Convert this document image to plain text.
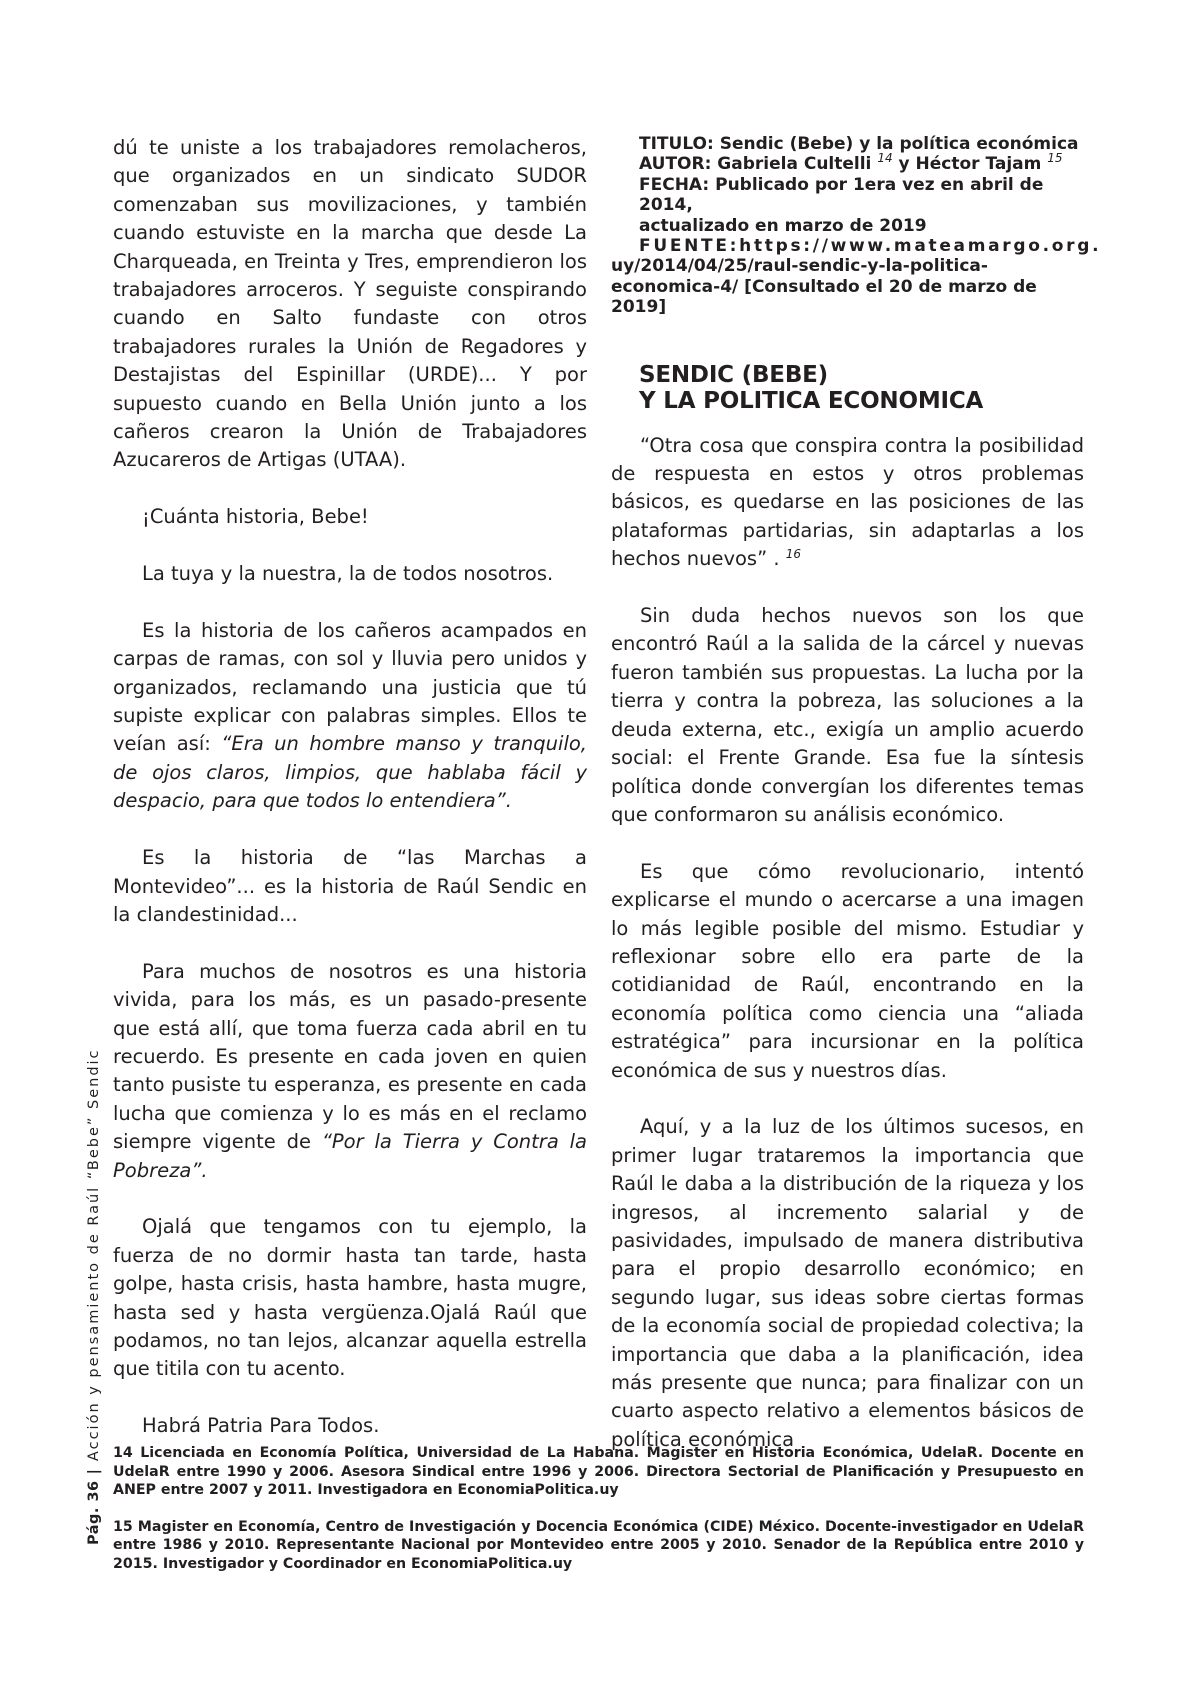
Pág. 36|Acción y pensamiento de Raúl “Bebe” Sendic

dú te uniste a los trabajadores remolacheros, que organizados en un sindicato SUDOR comenzaban sus movilizaciones, y también cuando estuviste en la marcha que desde La Charqueada, en Treinta y Tres, emprendieron los trabajadores arroceros. Y seguiste conspirando cuando en Salto fundaste con otros trabajadores rurales la Unión de Regadores y Destajistas del Espinillar (URDE)... Y por supuesto cuando en Bella Unión junto a los cañeros crearon la Unión de Trabajadores Azucareros de Artigas (UTAA).

¡Cuánta historia, Bebe!

La tuya y la nuestra, la de todos nosotros.

Es la historia de los cañeros acampados en carpas de ramas, con sol y lluvia pero unidos y organizados, reclamando una justicia que tú supiste explicar con palabras simples. Ellos te veían así: “Era un hombre manso y tranquilo, de ojos claros, limpios, que hablaba fácil y despacio, para que todos lo entendiera”.

Es la historia de “las Marchas a Montevideo”... es la historia de Raúl Sendic en la clandestinidad...

Para muchos de nosotros es una historia vivida, para los más, es un pasado-presente que está allí, que toma fuerza cada abril en tu recuerdo. Es presente en cada joven en quien tanto pusiste tu esperanza, es presente en cada lucha que comienza y lo es más en el reclamo siempre vigente de “Por la Tierra y Contra la Pobreza”.

Ojalá que tengamos con tu ejemplo, la fuerza de no dormir hasta tan tarde, hasta golpe, hasta crisis, hasta hambre, hasta mugre, hasta sed y hasta vergüenza.Ojalá Raúl que podamos, no tan lejos, alcanzar aquella estrella que titila con tu acento.

Habrá Patria Para Todos.

TITULO: Sendic (Bebe) y la política económica
AUTOR: Gabriela Cultelli $^{14}$ y Héctor Tajam $^{15}$
FECHA: Publicado por 1era vez en abril de 2014,
actualizado en marzo de 2019
FUENTE:https://www.mateamargo.org.
uy/2014/04/25/raul-sendic-y-la-politica-economica-4/ [Consultado el 20 de marzo de 2019]
SENDIC (BEBE)
Y LA POLITICA ECONOMICA

“Otra cosa que conspira contra la posibilidad de respuesta en estos y otros problemas básicos, es quedarse en las posiciones de las plataformas partidarias, sin adaptarlas a los hechos nuevos” . $^{16}$

Sin duda hechos nuevos son los que encontró Raúl a la salida de la cárcel y nuevas fueron también sus propuestas. La lucha por la tierra y contra la pobreza, las soluciones a la deuda externa, etc., exigía un amplio acuerdo social: el Frente Grande. Esa fue la síntesis política donde convergían los diferentes temas que conformaron su análisis económico.

Es que cómo revolucionario, intentó explicarse el mundo o acercarse a una imagen lo más legible posible del mismo. Estudiar y reflexionar sobre ello era parte de la cotidianidad de Raúl, encontrando en la economía política como ciencia una “aliada estratégica” para incursionar en la política económica de sus y nuestros días.

Aquí, y a la luz de los últimos sucesos, en primer lugar trataremos la importancia que Raúl le daba a la distribución de la riqueza y los ingresos, al incremento salarial y de pasividades, impulsado de manera distributiva para el propio desarrollo económico; en segundo lugar, sus ideas sobre ciertas formas de la economía social de propiedad colectiva; la importancia que daba a la planificación, idea más presente que nunca; para finalizar con un cuarto aspecto relativo a elementos básicos de política económica

14 Licenciada en Economía Política, Universidad de La Habana. Magister en Historia Económica, UdelaR. Docente en UdelaR entre 1990 y 2006. Asesora Sindical entre 1996 y 2006. Directora Sectorial de Planificación y Presupuesto en ANEP entre 2007 y 2011. Investigadora en EconomiaPolitica.uy

15 Magister en Economía, Centro de Investigación y Docencia Económica (CIDE) México. Docente-investigador en UdelaR entre 1986 y 2010. Representante Nacional por Montevideo entre 2005 y 2010. Senador de la República entre 2010 y 2015. Investigador y Coordinador en EconomiaPolitica.uy
